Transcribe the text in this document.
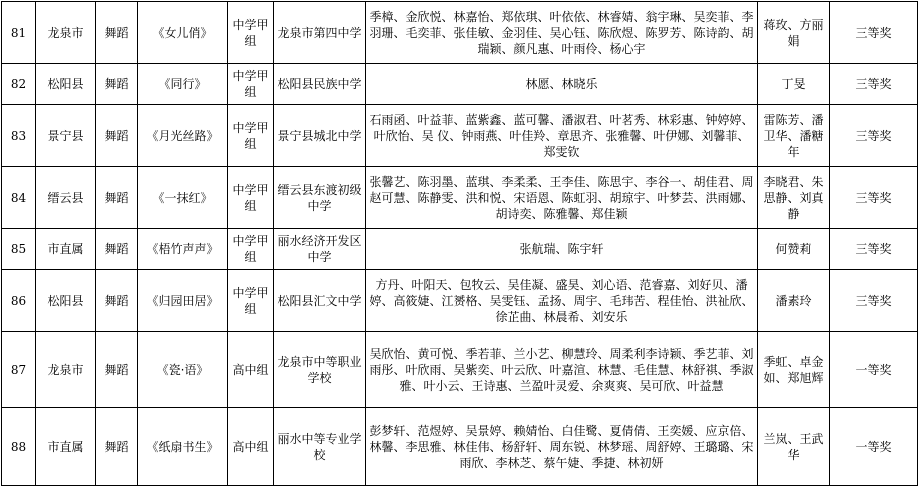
81	龙泉市	舞蹈	《女儿俏》	中学甲组	龙泉市第四中学	季樟、金欣悦、林嘉怡、郑依琪、叶依依、林睿婧、翁宇琳、吴奕菲、李羽珊、毛奕菲、张佳敏、金羽佳、吴心钰、陈欣煜、陈罗芳、陈诗韵、胡瑞颖、颜凡惠、叶雨伶、杨心宇	蒋玫、方丽娟	三等奖
82	松阳县	舞蹈	《同行》	中学甲组	松阳县民族中学	林愿、林晓乐	丁旻	三等奖
83	景宁县	舞蹈	《月光丝路》	中学甲组	景宁县城北中学	石雨函、叶益菲、蓝紫鑫、蓝可馨、潘淑君、叶茗秀、林彩惠、钟婷婷、叶欣怡、吴 仪、钟雨燕、叶佳羚、章思齐、张雅馨、叶伊娜、刘馨菲、郑雯钦	雷陈芳、潘卫华、潘糖年	三等奖
84	缙云县	舞蹈	《一抹红》	中学甲组	缙云县东渡初级中学	张馨艺、陈羽墨、蓝琪、李柔柔、王李佳、陈思宇、李谷一、胡佳君、周赵可慧、陈静雯、洪和悦、宋语恩、陈虹羽、胡琼宇、叶梦芸、洪雨娜、胡诗奕、陈雅馨、郑佳颖	李晓君、朱思静、刘真静	三等奖
85	市直属	舞蹈	《梧竹声声》	中学甲组	丽水经济开发区中学	张航瑞、陈宇轩	何赞莉	三等奖
86	松阳县	舞蹈	《归园田居》	中学甲组	松阳县汇文中学	方丹、叶阳天、包牧云、吴佳凝、盛昊、刘心语、范睿嘉、刘好贝、潘婷、高筱婕、江赟格、吴雯钰、孟扬、周宇、毛玮苦、程佳怡、洪祉欣、徐芷曲、林晨希、刘安乐	潘素玲	三等奖
87	龙泉市	舞蹈	《瓷·语》	高中组	龙泉市中等职业学校	吴欣怡、黄可悦、季若菲、兰小艺、柳慧玲、周柔利李诗颖、季艺菲、刘雨彤、叶欣雨、吴紫奕、叶云欣、叶嘉渲、林慧、毛佳慧、林舒祺、季淑雅、叶小云、王诗惠、兰盈叶灵爱、余爽爽、吴可欣、叶益慧	季虹、卓金如、郑旭辉	一等奖
88	市直属	舞蹈	《纸扇书生》	高中组	丽水中等专业学校	彭梦轩、范煜婷、吴景婷、赖婧怡、白佳鹭、夏倩倩、王奕媛、应京倍、林馨、李思雅、林佳伟、杨舒轩、周东锐、林梦瑶、周舒婷、王璐璐、宋雨欣、李林芝、蔡午婕、季捷、林初妍	兰岚、王武华	一等奖
